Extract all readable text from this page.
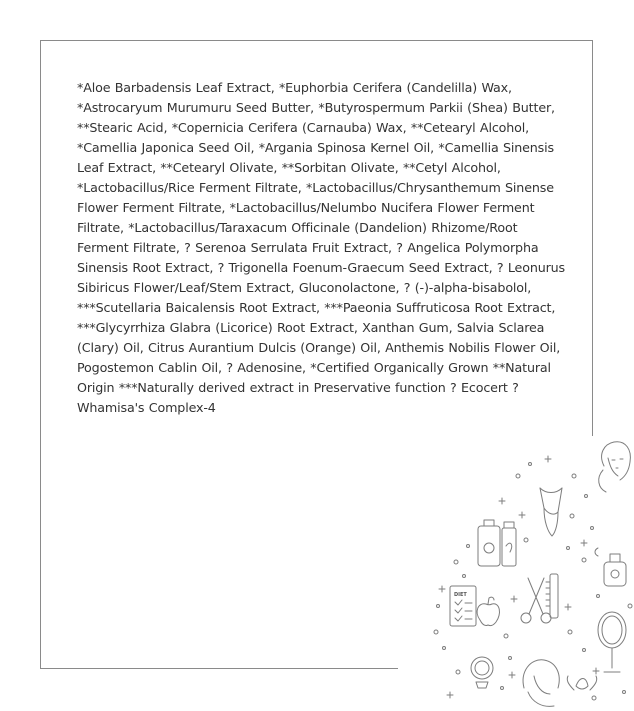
*Aloe Barbadensis Leaf Extract, *Euphorbia Cerifera (Candelilla) Wax, *Astrocaryum Murumuru Seed Butter, *Butyrospermum Parkii (Shea) Butter, **Stearic Acid, *Copernicia Cerifera (Carnauba) Wax, **Cetearyl Alcohol, *Camellia Japonica Seed Oil, *Argania Spinosa Kernel Oil, *Camellia Sinensis Leaf Extract, **Cetearyl Olivate, **Sorbitan Olivate, **Cetyl Alcohol, *Lactobacillus/Rice Ferment Filtrate, *Lactobacillus/Chrysanthemum Sinense Flower Ferment Filtrate, *Lactobacillus/Nelumbo Nucifera Flower Ferment Filtrate, *Lactobacillus/Taraxacum Officinale (Dandelion) Rhizome/Root Ferment Filtrate, ? Serenoa Serrulata Fruit Extract, ? Angelica Polymorpha Sinensis Root Extract, ? Trigonella Foenum-Graecum Seed Extract, ? Leonurus Sibiricus Flower/Leaf/Stem Extract, Gluconolactone, ? (-)-alpha-bisabolol, ***Scutellaria Baicalensis Root Extract, ***Paeonia Suffruticosa Root Extract, ***Glycyrrhiza Glabra (Licorice) Root Extract, Xanthan Gum, Salvia Sclarea (Clary) Oil, Citrus Aurantium Dulcis (Orange) Oil, Anthemis Nobilis Flower Oil, Pogostemon Cablin Oil, ? Adenosine, *Certified Organically Grown **Natural Origin ***Naturally derived extract in Preservative function ? Ecocert ? Whamisa's Complex-4

DIET
